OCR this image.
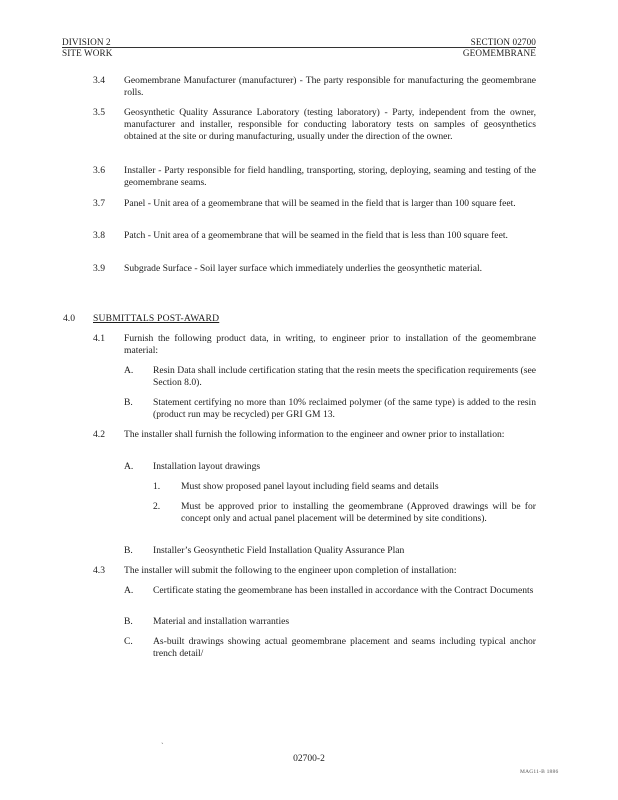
DIVISION 2
SITE WORK
SECTION 02700
GEOMEMBRANE
3.4 Geomembrane Manufacturer (manufacturer) - The party responsible for manufacturing the geomembrane rolls.
3.5 Geosynthetic Quality Assurance Laboratory (testing laboratory) - Party, independent from the owner, manufacturer and installer, responsible for conducting laboratory tests on samples of geosynthetics obtained at the site or during manufacturing, usually under the direction of the owner.
3.6 Installer - Party responsible for field handling, transporting, storing, deploying, seaming and testing of the geomembrane seams.
3.7 Panel - Unit area of a geomembrane that will be seamed in the field that is larger than 100 square feet.
3.8 Patch - Unit area of a geomembrane that will be seamed in the field that is less than 100 square feet.
3.9 Subgrade Surface - Soil layer surface which immediately underlies the geosynthetic material.
4.0 SUBMITTALS POST-AWARD
4.1 Furnish the following product data, in writing, to engineer prior to installation of the geomembrane material:
A. Resin Data shall include certification stating that the resin meets the specification requirements (see Section 8.0).
B. Statement certifying no more than 10% reclaimed polymer (of the same type) is added to the resin (product run may be recycled) per GRI GM 13.
4.2 The installer shall furnish the following information to the engineer and owner prior to installation:
A. Installation layout drawings
1. Must show proposed panel layout including field seams and details
2. Must be approved prior to installing the geomembrane (Approved drawings will be for concept only and actual panel placement will be determined by site conditions).
B. Installer’s Geosynthetic Field Installation Quality Assurance Plan
4.3 The installer will submit the following to the engineer upon completion of installation:
A. Certificate stating the geomembrane has been installed in accordance with the Contract Documents
B. Material and installation warranties
C. As-built drawings showing actual geomembrane placement and seams including typical anchor trench detail/
ˏ
02700-2
MAG11-B 1886
